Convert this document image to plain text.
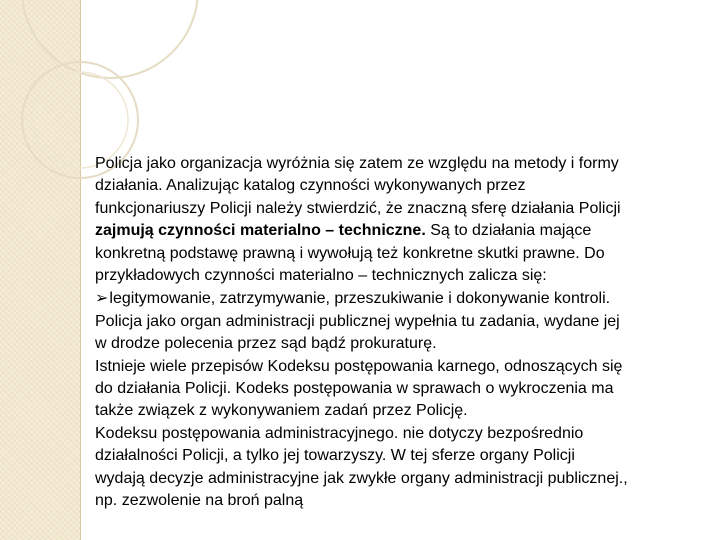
Policja jako organizacja wyróżnia się zatem ze względu na metody i formy
działania. Analizując katalog czynności wykonywanych przez
funkcjonariuszy Policji należy stwierdzić, że znaczną sferę działania Policji
zajmują czynności materialno – techniczne. Są to działania mające
konkretną podstawę prawną i wywołują też konkretne skutki prawne. Do
przykładowych czynności materialno – technicznych zalicza się:
➢legitymowanie, zatrzymywanie, przeszukiwanie i dokonywanie kontroli.
Policja jako organ administracji publicznej wypełnia tu zadania, wydane jej
w drodze polecenia przez sąd bądź prokuraturę.
Istnieje wiele przepisów Kodeksu postępowania karnego, odnoszących się
do działania Policji. Kodeks postępowania w sprawach o wykroczenia ma
także związek z wykonywaniem zadań przez Policję.
Kodeksu postępowania administracyjnego. nie dotyczy bezpośrednio
działalności Policji, a tylko jej towarzyszy. W tej sferze organy Policji
wydają decyzje administracyjne jak zwykłe organy administracji publicznej.,
np. zezwolenie na broń palną
